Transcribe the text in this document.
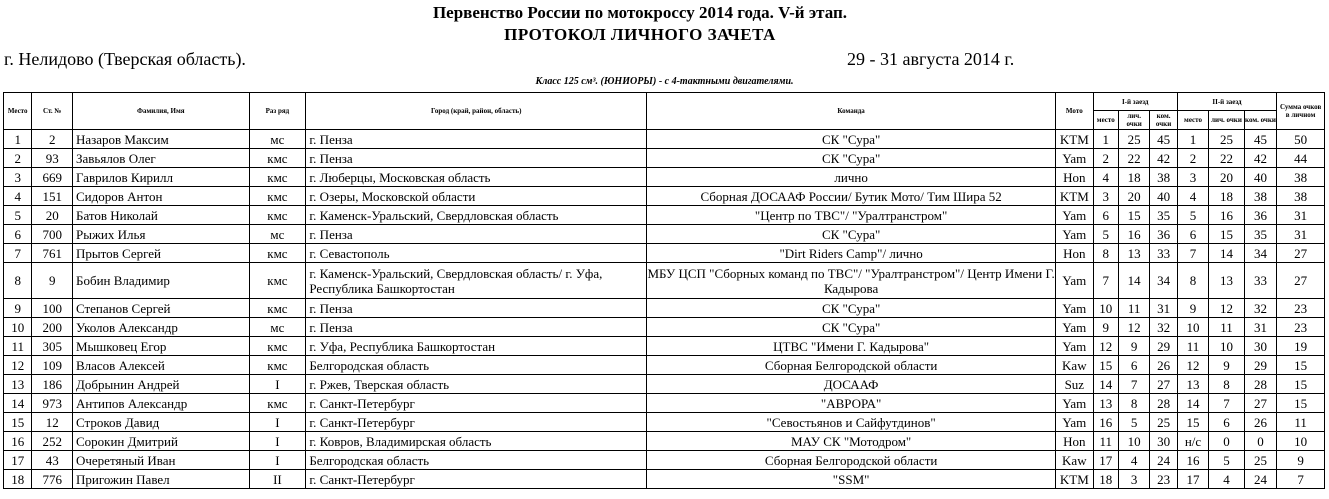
Первенство России по мотокроссу 2014 года. V-й этап.
ПРОТОКОЛ ЛИЧНОГО ЗАЧЕТА
г. Нелидово (Тверская область).	29 - 31 августа 2014 г.
Класс 125 см³. (ЮНИОРЫ) - с 4-тактными двигателями.
Место	Ст. №	Фамилия, Имя	Раз ряд	Город (край, район, область)	Команда	Мото	I-й заезд			II-й заезд			Сумма очков в личном
							место	лич. очки	ком. очки	место	лич. очки	ком. очки	
1	2	Назаров Максим	мс	г. Пенза	СК "Сура"	KTM	1	25	45	1	25	45	50
2	93	Завьялов Олег	кмс	г. Пенза	СК "Сура"	Yam	2	22	42	2	22	42	44
3	669	Гаврилов Кирилл	кмс	г. Люберцы, Московская область	лично	Hon	4	18	38	3	20	40	38
4	151	Сидоров Антон	кмс	г. Озеры, Московской области	Сборная ДОСААФ России/ Бутик Мото/ Тим Шира 52	KTM	3	20	40	4	18	38	38
5	20	Батов Николай	кмс	г. Каменск-Уральский, Свердловская область	"Центр по ТВС"/ "Уралтранстром"	Yam	6	15	35	5	16	36	31
6	700	Рыжих Илья	мс	г. Пенза	СК "Сура"	Yam	5	16	36	6	15	35	31
7	761	Прытов Сергей	кмс	г. Севастополь	"Dirt Riders Camp"/ лично	Hon	8	13	33	7	14	34	27
8	9	Бобин Владимир	кмс	г. Каменск-Уральский, Свердловская область/ г. Уфа, Республика Башкортостан	МБУ ЦСП "Сборных команд по ТВС"/ "Уралтранстром"/ Центр Имени Г. Кадырова	Yam	7	14	34	8	13	33	27
9	100	Степанов Сергей	кмс	г. Пенза	СК "Сура"	Yam	10	11	31	9	12	32	23
10	200	Уколов Александр	мс	г. Пенза	СК "Сура"	Yam	9	12	32	10	11	31	23
11	305	Мышковец Егор	кмс	г. Уфа, Республика Башкортостан	ЦТВС "Имени Г. Кадырова"	Yam	12	9	29	11	10	30	19
12	109	Власов Алексей	кмс	Белгородская область	Сборная Белгородской области	Kaw	15	6	26	12	9	29	15
13	186	Добрынин Андрей	I	г. Ржев, Тверская область	ДОСААФ	Suz	14	7	27	13	8	28	15
14	973	Антипов Александр	кмс	г. Санкт-Петербург	"АВРОРА"	Yam	13	8	28	14	7	27	15
15	12	Строков Давид	I	г. Санкт-Петербург	"Севостьянов и Сайфутдинов"	Yam	16	5	25	15	6	26	11
16	252	Сорокин Дмитрий	I	г. Ковров, Владимирская область	МАУ СК "Мотодром"	Hon	11	10	30	н/с	0	0	10
17	43	Очеретяный Иван	I	Белгородская область	Сборная Белгородской области	Kaw	17	4	24	16	5	25	9
18	776	Пригожин Павел	II	г. Санкт-Петербург	"SSM"	KTM	18	3	23	17	4	24	7
